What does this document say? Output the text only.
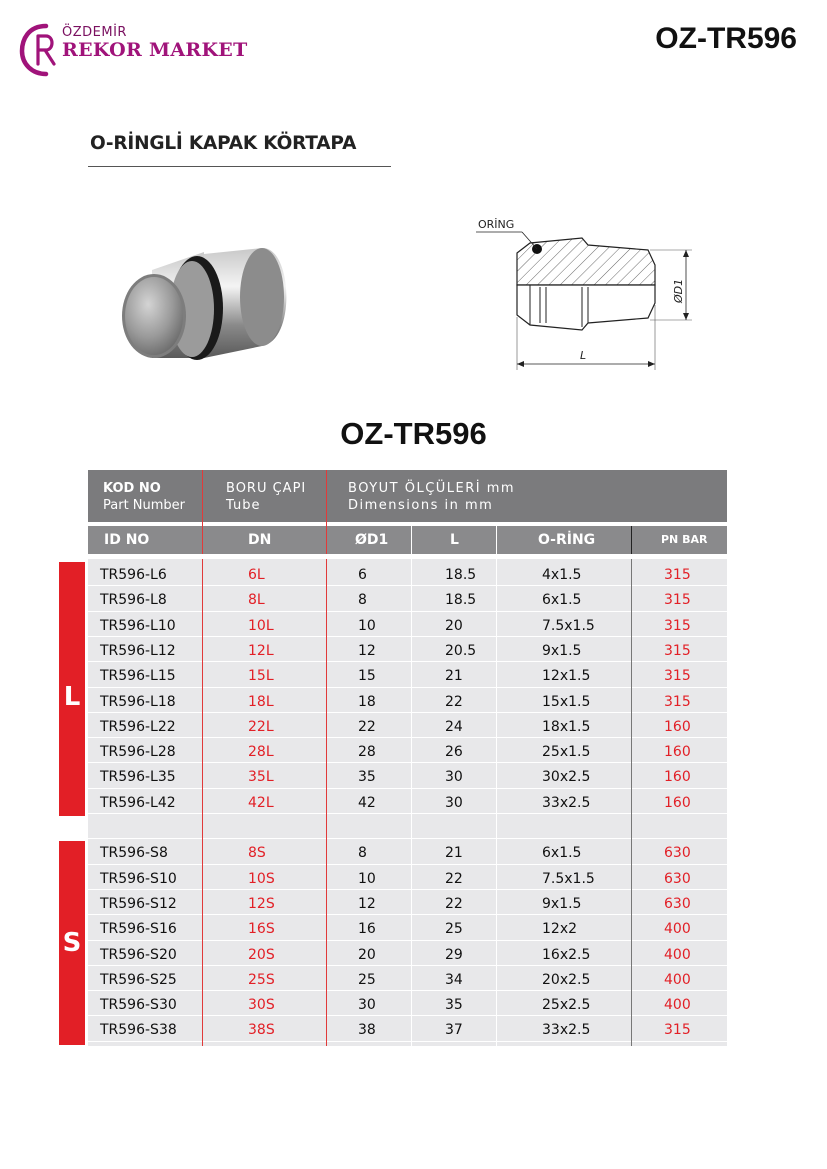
ÖZDEMİR
REKOR MARKET	OZ-TR596
O-RİNGLİ KAPAK KÖRTAPA
ORİNG
ØD1
L
OZ-TR596
KOD NO
Part Number
BORU ÇAPI
Tube
BOYUT ÖLÇÜLERİ mm
Dimensions in mm
ID NO	DN	ØD1	L	O-RİNG	PN BAR
TR596-L6	6L	6	18.5	4x1.5	315
TR596-L8	8L	8	18.5	6x1.5	315
TR596-L10	10L	10	20	7.5x1.5	315
TR596-L12	12L	12	20.5	9x1.5	315
TR596-L15	15L	15	21	12x1.5	315
TR596-L18	18L	18	22	15x1.5	315
TR596-L22	22L	22	24	18x1.5	160
TR596-L28	28L	28	26	25x1.5	160
TR596-L35	35L	35	30	30x2.5	160
TR596-L42	42L	42	30	33x2.5	160
TR596-S8	8S	8	21	6x1.5	630
TR596-S10	10S	10	22	7.5x1.5	630
TR596-S12	12S	12	22	9x1.5	630
TR596-S16	16S	16	25	12x2	400
TR596-S20	20S	20	29	16x2.5	400
TR596-S25	25S	25	34	20x2.5	400
TR596-S30	30S	30	35	25x2.5	400
TR596-S38	38S	38	37	33x2.5	315
L
S
